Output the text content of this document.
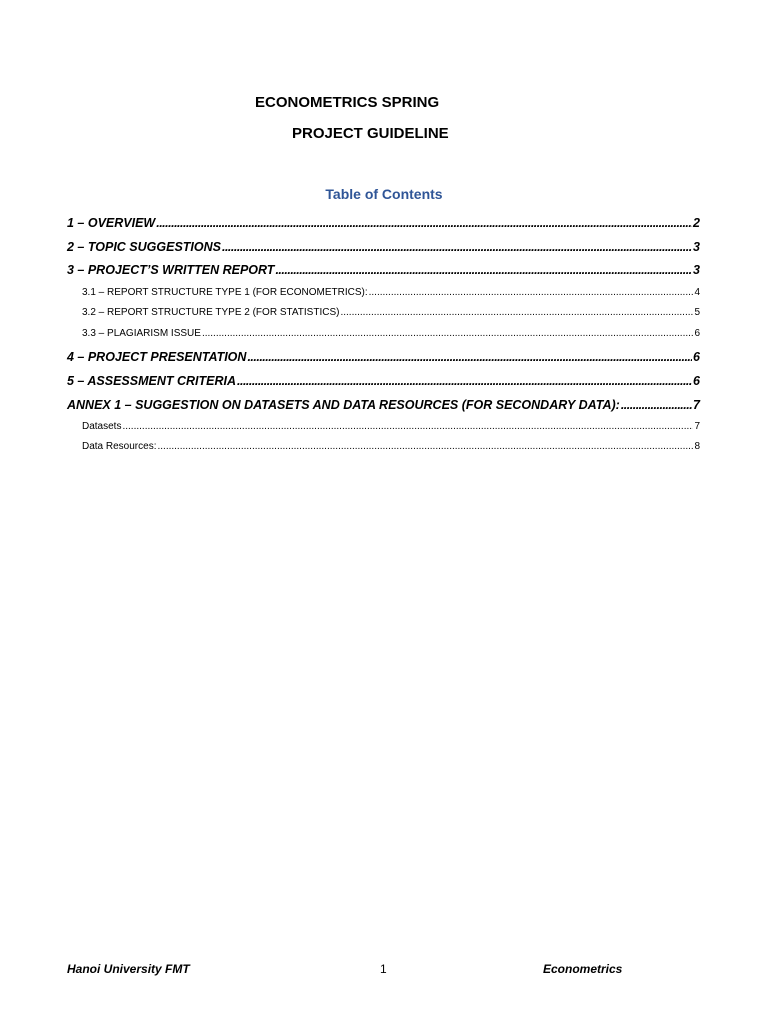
ECONOMETRICS SPRING
PROJECT GUIDELINE
Table of Contents
1 – OVERVIEW .....	2
2 – TOPIC SUGGESTIONS .....	3
3 – PROJECT’S WRITTEN REPORT .....	3
3.1 – REPORT STRUCTURE TYPE 1 (FOR ECONOMETRICS): .....	4
3.2 – REPORT STRUCTURE TYPE 2 (FOR STATISTICS) .....	5
3.3 – PLAGIARISM ISSUE .....	6
4 – PROJECT PRESENTATION .....	6
5 – ASSESSMENT CRITERIA .....	6
ANNEX 1 – SUGGESTION ON DATASETS AND DATA RESOURCES (FOR SECONDARY DATA): .....	7
Datasets .....	7
Data Resources: .....	8
Hanoi University FMT	1	Econometrics
